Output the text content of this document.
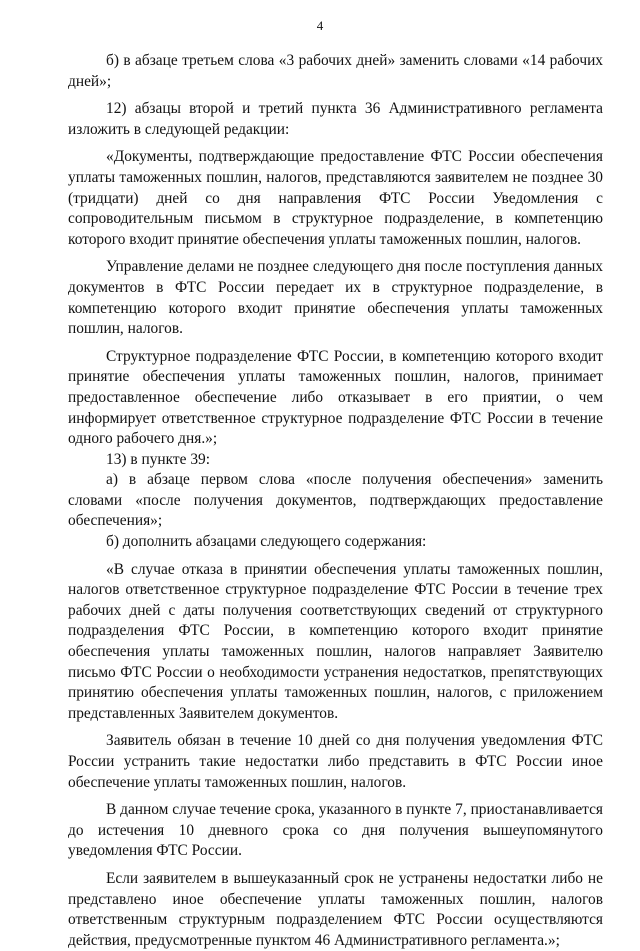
4

б) в абзаце третьем слова «3 рабочих дней» заменить словами «14 рабочих дней»;

12) абзацы второй и третий пункта 36 Административного регламента изложить в следующей редакции:

«Документы, подтверждающие предоставление ФТС России обеспечения уплаты таможенных пошлин, налогов, представляются заявителем не позднее 30 (тридцати) дней со дня направления ФТС России Уведомления с сопроводительным письмом в структурное подразделение, в компетенцию которого входит принятие обеспечения уплаты таможенных пошлин, налогов.

Управление делами не позднее следующего дня после поступления данных документов в ФТС России передает их в структурное подразделение, в компетенцию которого входит принятие обеспечения уплаты таможенных пошлин, налогов.

Структурное подразделение ФТС России, в компетенцию которого входит принятие обеспечения уплаты таможенных пошлин, налогов, принимает предоставленное обеспечение либо отказывает в его приятии, о чем информирует ответственное структурное подразделение ФТС России в течение одного рабочего дня.»;

13) в пункте 39:

а) в абзаце первом слова «после получения обеспечения» заменить словами «после получения документов, подтверждающих предоставление обеспечения»;

б) дополнить абзацами следующего содержания:

«В случае отказа в принятии обеспечения уплаты таможенных пошлин, налогов ответственное структурное подразделение ФТС России в течение трех рабочих дней с даты получения соответствующих сведений от структурного подразделения ФТС России, в компетенцию которого входит принятие обеспечения уплаты таможенных пошлин, налогов направляет Заявителю письмо ФТС России о необходимости устранения недостатков, препятствующих принятию обеспечения уплаты таможенных пошлин, налогов, с приложением представленных Заявителем документов.

Заявитель обязан в течение 10 дней со дня получения уведомления ФТС России устранить такие недостатки либо представить в ФТС России иное обеспечение уплаты таможенных пошлин, налогов.

В данном случае течение срока, указанного в пункте 7, приостанавливается до истечения 10 дневного срока со дня получения вышеупомянутого уведомления ФТС России.

Если заявителем в вышеуказанный срок не устранены недостатки либо не представлено иное обеспечение уплаты таможенных пошлин, налогов ответственным структурным подразделением ФТС России осуществляются действия, предусмотренные пунктом 46 Административного регламента.»;
